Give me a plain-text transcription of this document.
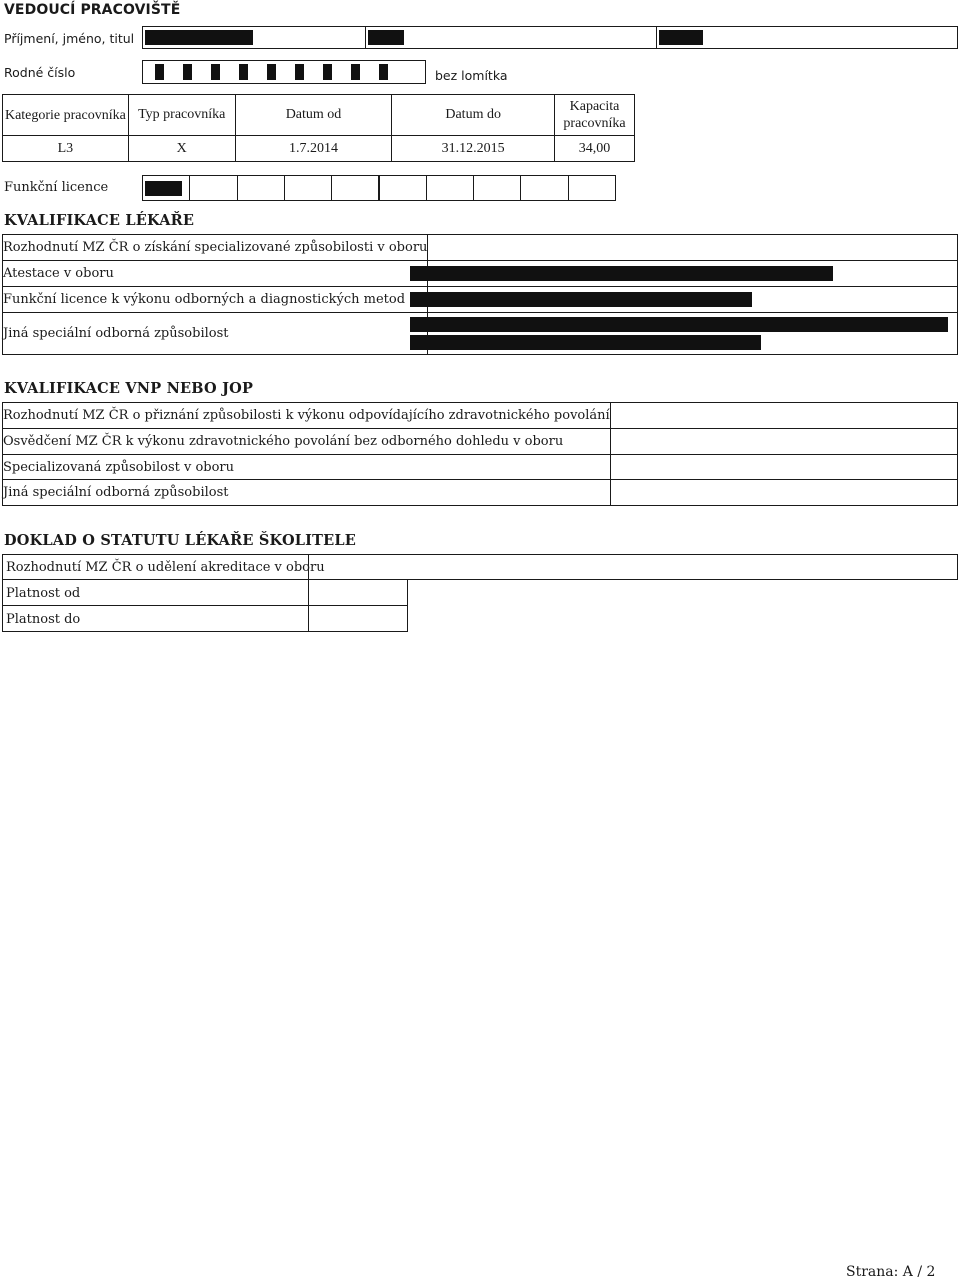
VEDOUCÍ PRACOVIŠTĚ
Příjmení, jméno, titul
Rodné číslo	bez lomítka
Kategorie pracovníka	Typ pracovníka	Datum od	Datum do	Kapacita pracovníka
L3	X	1.7.2014	31.12.2015	34,00
Funkční licence
KVALIFIKACE LÉKAŘE
Rozhodnutí MZ ČR o získání specializované způsobilosti v oboru	
Atestace v oboru	
Funkční licence k výkonu odborných a diagnostických metod	
Jiná speciální odborná způsobilost	
KVALIFIKACE VNP NEBO JOP
Rozhodnutí MZ ČR o přiznání způsobilosti k výkonu odpovídajícího zdravotnického povolání	
Osvědčení MZ ČR k výkonu zdravotnického povolání bez odborného dohledu v oboru	
Specializovaná způsobilost v oboru	
Jiná speciální odborná způsobilost	
DOKLAD O STATUTU LÉKAŘE ŠKOLITELE
Rozhodnutí MZ ČR o udělení akreditace v oboru
Platnost od
Platnost do
Strana: A / 2
